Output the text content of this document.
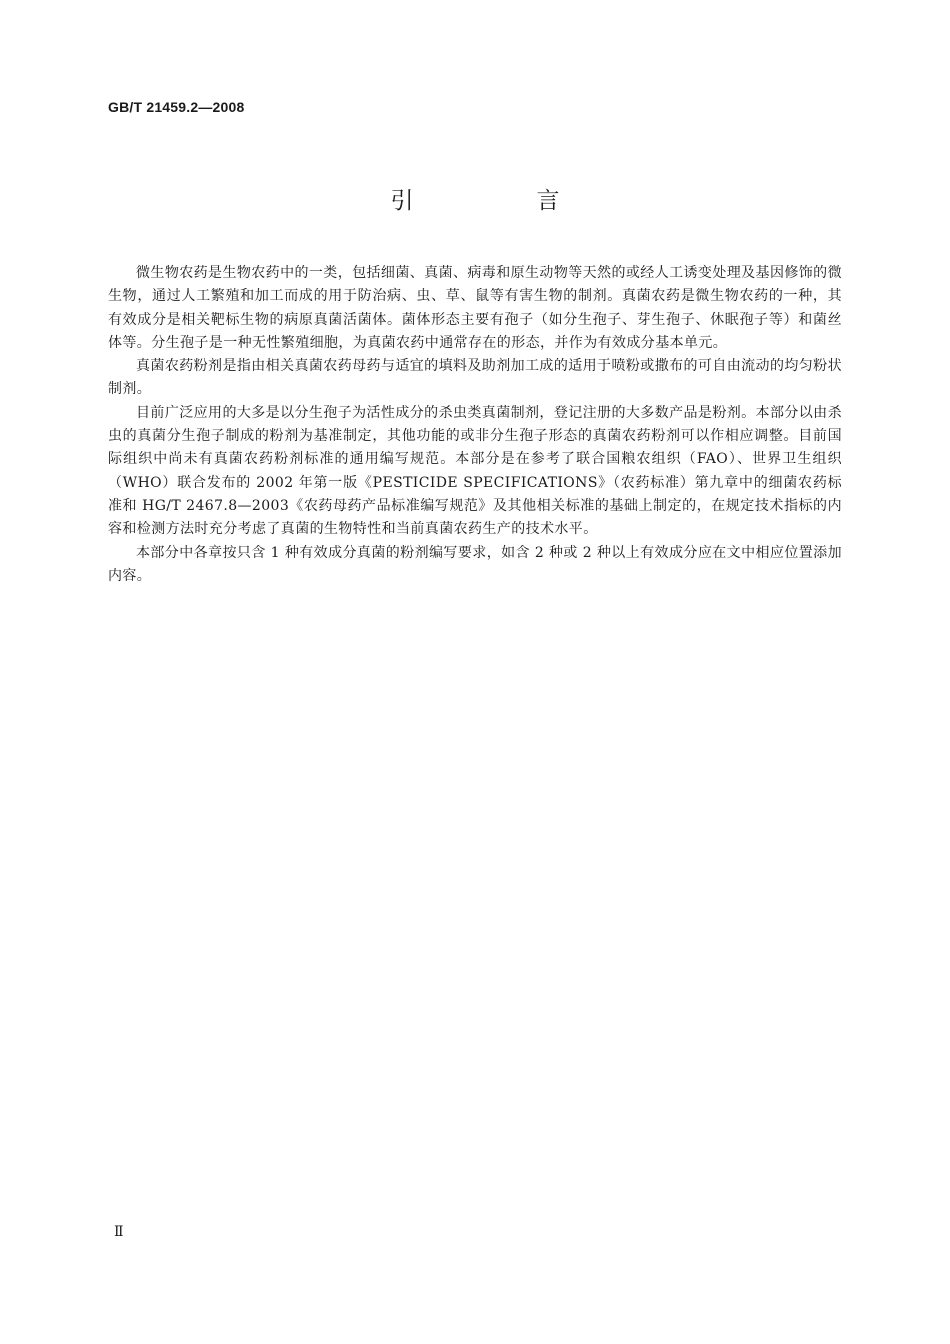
GB/T 21459.2—2008
引　言

微生物农药是生物农药中的一类，包括细菌、真菌、病毒和原生动物等天然的或经人工诱变处理及基因修饰的微生物，通过人工繁殖和加工而成的用于防治病、虫、草、鼠等有害生物的制剂。真菌农药是微生物农药的一种，其有效成分是相关靶标生物的病原真菌活菌体。菌体形态主要有孢子（如分生孢子、芽生孢子、休眠孢子等）和菌丝体等。分生孢子是一种无性繁殖细胞，为真菌农药中通常存在的形态，并作为有效成分基本单元。

真菌农药粉剂是指由相关真菌农药母药与适宜的填料及助剂加工成的适用于喷粉或撒布的可自由流动的均匀粉状制剂。

目前广泛应用的大多是以分生孢子为活性成分的杀虫类真菌制剂，登记注册的大多数产品是粉剂。本部分以由杀虫的真菌分生孢子制成的粉剂为基准制定，其他功能的或非分生孢子形态的真菌农药粉剂可以作相应调整。目前国际组织中尚未有真菌农药粉剂标准的通用编写规范。本部分是在参考了联合国粮农组织（FAO）、世界卫生组织（WHO）联合发布的 2002 年第一版《PESTICIDE SPECIFICATIONS》（农药标准）第九章中的细菌农药标准和 HG/T 2467.8—2003《农药母药产品标准编写规范》及其他相关标准的基础上制定的，在规定技术指标的内容和检测方法时充分考虑了真菌的生物特性和当前真菌农药生产的技术水平。

本部分中各章按只含 1 种有效成分真菌的粉剂编写要求，如含 2 种或 2 种以上有效成分应在文中相应位置添加内容。

Ⅱ
